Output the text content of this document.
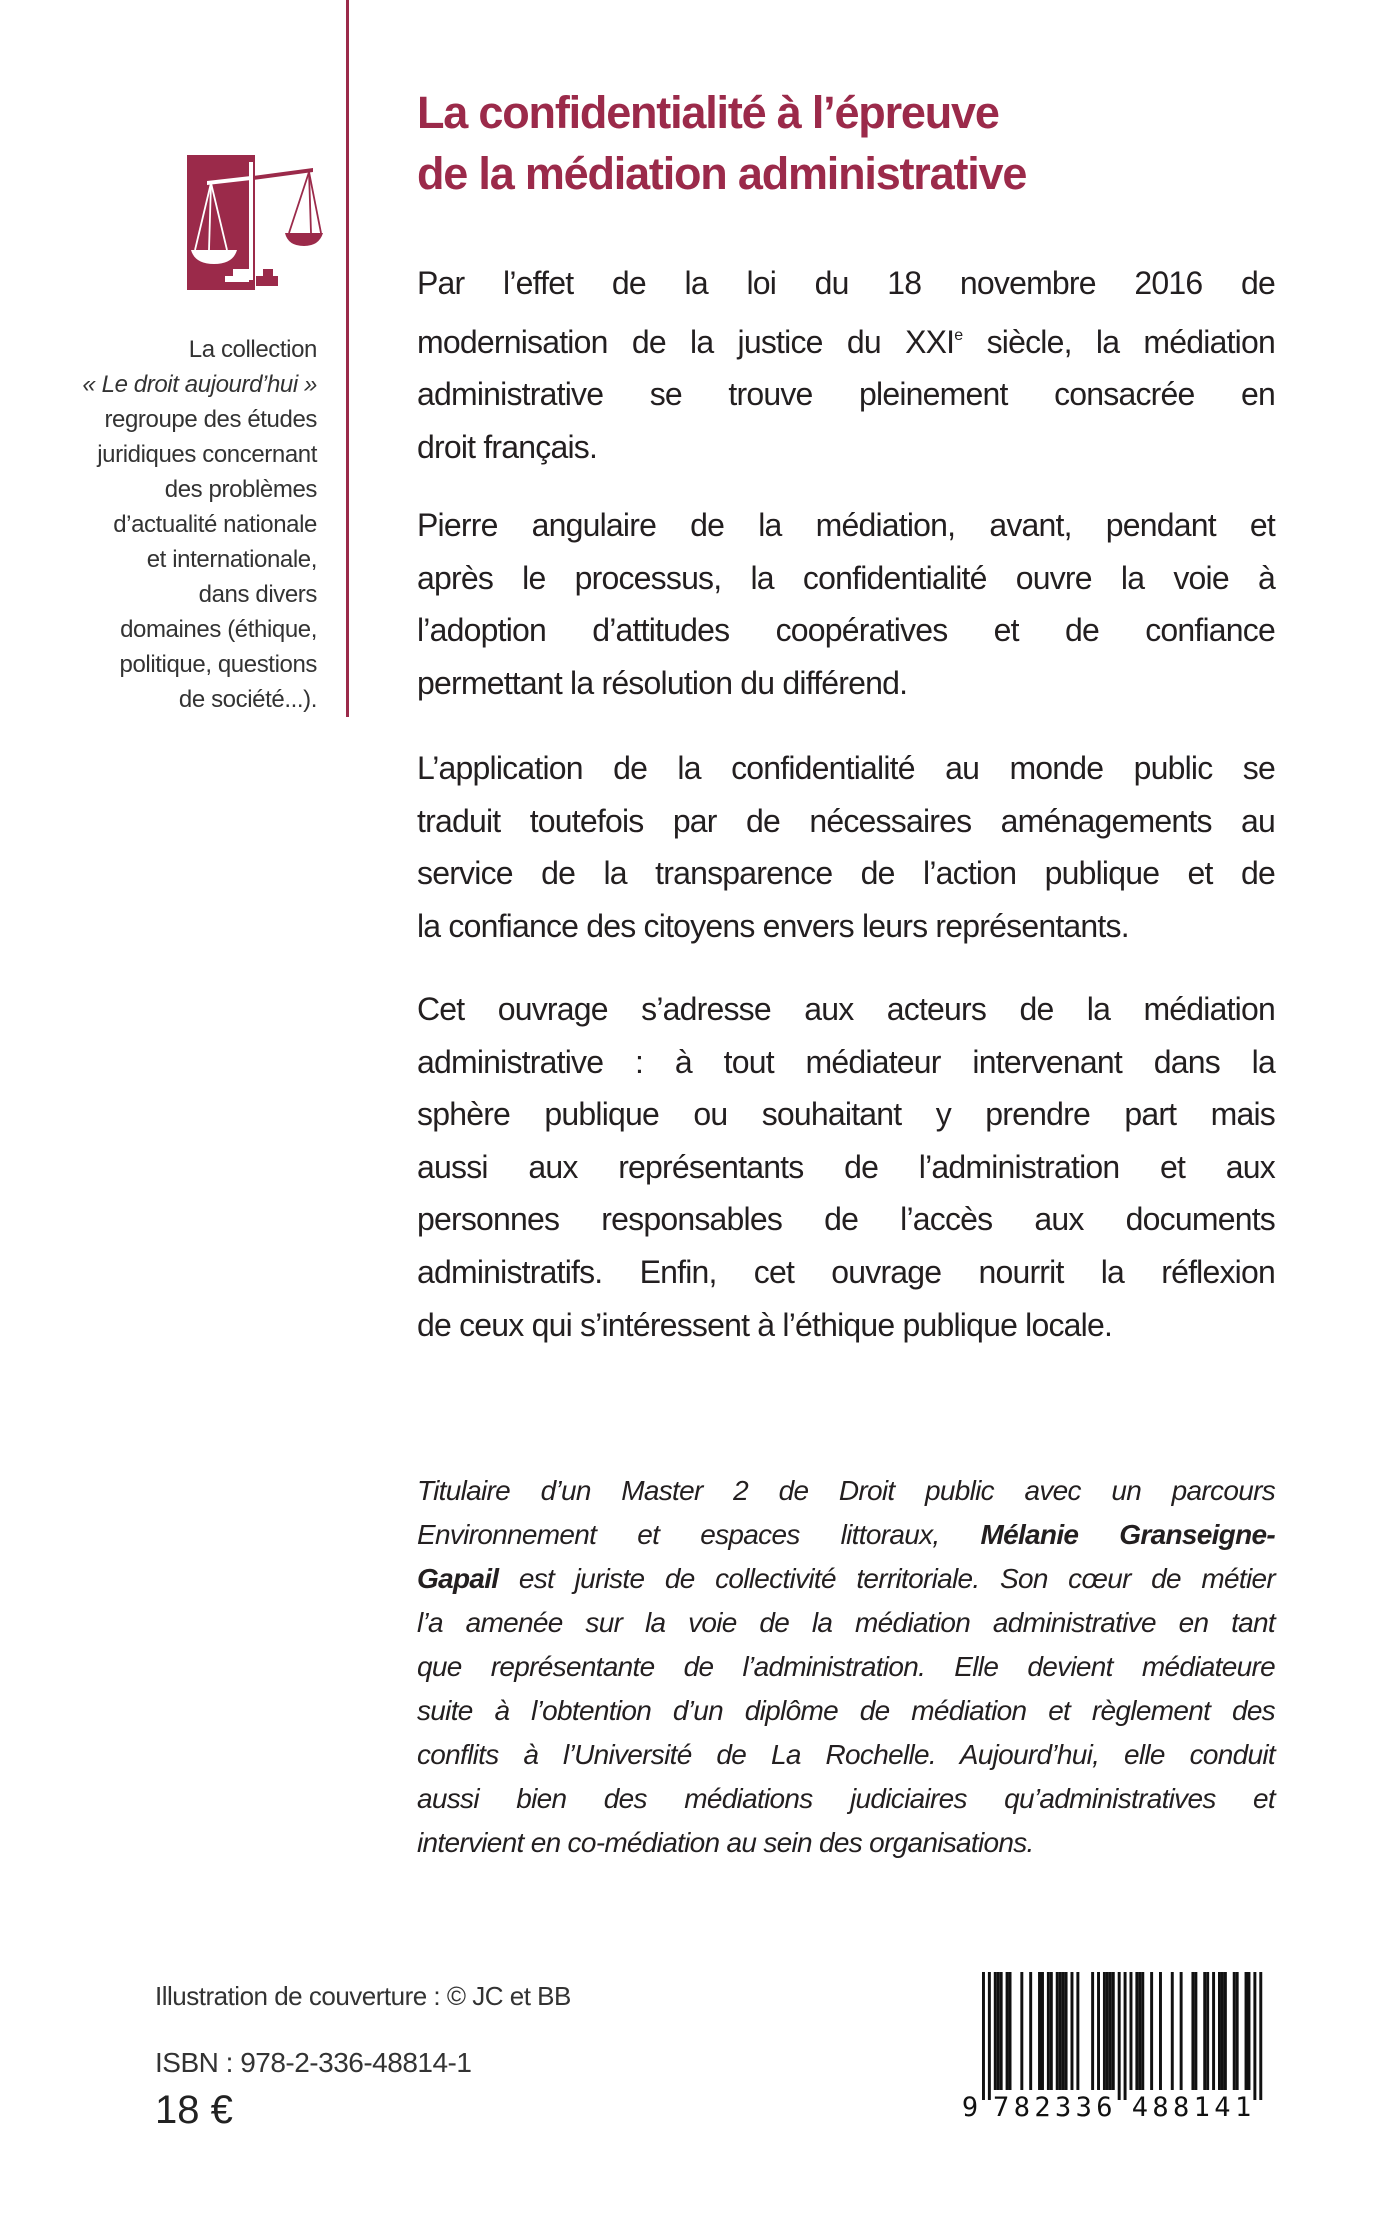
La collection
« Le droit aujourd’hui »
regroupe des études
juridiques concernant
des problèmes
d’actualité nationale
et internationale,
dans divers
domaines (éthique,
politique, questions
de société...).
La confidentialité à l’épreuve
de la médiation administrative
Par l’effet de la loi du 18 novembre 2016 de
modernisation de la justice du XXIe siècle, la médiation
administrative se trouve pleinement consacrée en
droit français.
Pierre angulaire de la médiation, avant, pendant et
après le processus, la confidentialité ouvre la voie à
l’adoption d’attitudes coopératives et de confiance
permettant la résolution du différend.
L’application de la confidentialité au monde public se
traduit toutefois par de nécessaires aménagements au
service de la transparence de l’action publique et de
la confiance des citoyens envers leurs représentants.
Cet ouvrage s’adresse aux acteurs de la médiation
administrative : à tout médiateur intervenant dans la
sphère publique ou souhaitant y prendre part mais
aussi aux représentants de l’administration et aux
personnes responsables de l’accès aux documents
administratifs. Enfin, cet ouvrage nourrit la réflexion
de ceux qui s’intéressent à l’éthique publique locale.
Titulaire d’un Master 2 de Droit public avec un parcours
Environnement et espaces littoraux, Mélanie Granseigne-
Gapail est juriste de collectivité territoriale. Son cœur de métier
l’a amenée sur la voie de la médiation administrative en tant
que représentante de l’administration. Elle devient médiateure
suite à l’obtention d’un diplôme de médiation et règlement des
conflits à l’Université de La Rochelle. Aujourd’hui, elle conduit
aussi bien des médiations judiciaires qu’administratives et
intervient en co-médiation au sein des organisations.
Illustration de couverture : © JC et BB
ISBN : 978-2-336-48814-1
18 €	9 7 8 2 3 3 6 4 8 8 1 4 1
